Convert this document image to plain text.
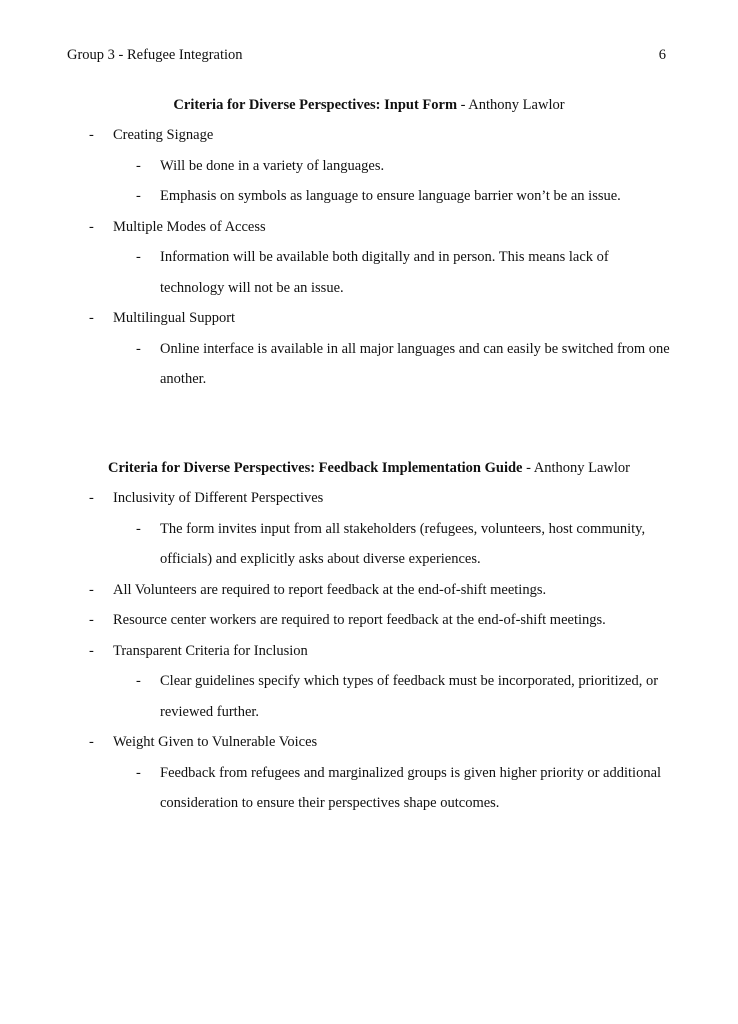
Group 3 - Refugee Integration	6
Criteria for Diverse Perspectives: Input Form - Anthony Lawlor
- Creating Signage
- Will be done in a variety of languages.
- Emphasis on symbols as language to ensure language barrier won’t be an issue.
- Multiple Modes of Access
- Information will be available both digitally and in person. This means lack of technology will not be an issue.
- Multilingual Support
- Online interface is available in all major languages and can easily be switched from one another.
Criteria for Diverse Perspectives: Feedback Implementation Guide - Anthony Lawlor
- Inclusivity of Different Perspectives
- The form invites input from all stakeholders (refugees, volunteers, host community, officials) and explicitly asks about diverse experiences.
- All Volunteers are required to report feedback at the end-of-shift meetings.
- Resource center workers are required to report feedback at the end-of-shift meetings.
- Transparent Criteria for Inclusion
- Clear guidelines specify which types of feedback must be incorporated, prioritized, or reviewed further.
- Weight Given to Vulnerable Voices
- Feedback from refugees and marginalized groups is given higher priority or additional consideration to ensure their perspectives shape outcomes.
